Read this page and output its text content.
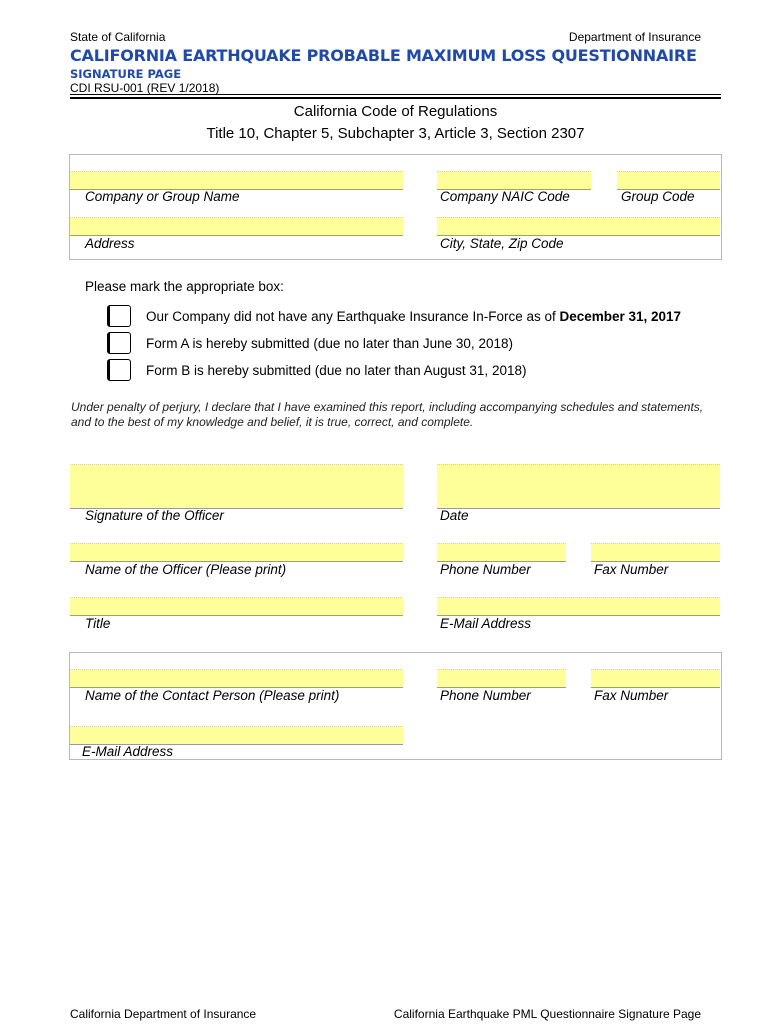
State of California	Department of Insurance
CALIFORNIA EARTHQUAKE PROBABLE MAXIMUM LOSS QUESTIONNAIRE
SIGNATURE PAGE
CDI RSU-001 (REV 1/2018)
California Code of Regulations
Title 10, Chapter 5, Subchapter 3, Article 3, Section 2307
Company or Group Name	Company NAIC Code	Group Code
Address	City, State, Zip Code
Please mark the appropriate box:
Our Company did not have any Earthquake Insurance In-Force as of December 31, 2017
Form A is hereby submitted (due no later than June 30, 2018)
Form B is hereby submitted (due no later than August 31, 2018)
Under penalty of perjury, I declare that I have examined this report, including accompanying schedules and statements,
and to the best of my knowledge and belief, it is true, correct, and complete.
Signature of the Officer	Date
Name of the Officer (Please print)	Phone Number	Fax Number
Title	E-Mail Address
Name of the Contact Person (Please print)	Phone Number	Fax Number
E-Mail Address
California Department of Insurance	California Earthquake PML Questionnaire Signature Page
